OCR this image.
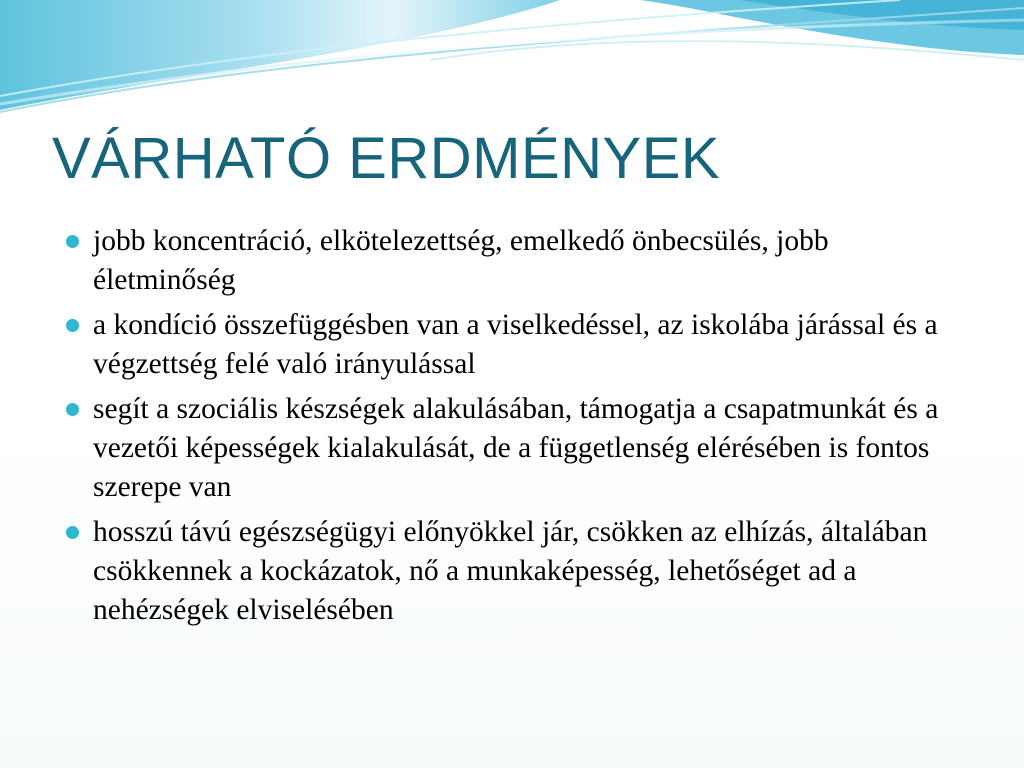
VÁRHATÓ ERDMÉNYEK
jobb koncentráció, elkötelezettség, emelkedő önbecsülés, jobb életminőség
a kondíció összefüggésben van a viselkedéssel, az iskolába járással és a végzettség felé való irányulással
segít a szociális készségek alakulásában, támogatja a csapatmunkát és a vezetői képességek kialakulását, de a függetlenség elérésében is fontos szerepe van
hosszú távú egészségügyi előnyökkel jár, csökken az elhízás, általában csökkennek a kockázatok, nő a munkaképesség, lehetőséget ad a nehézségek elviselésében
